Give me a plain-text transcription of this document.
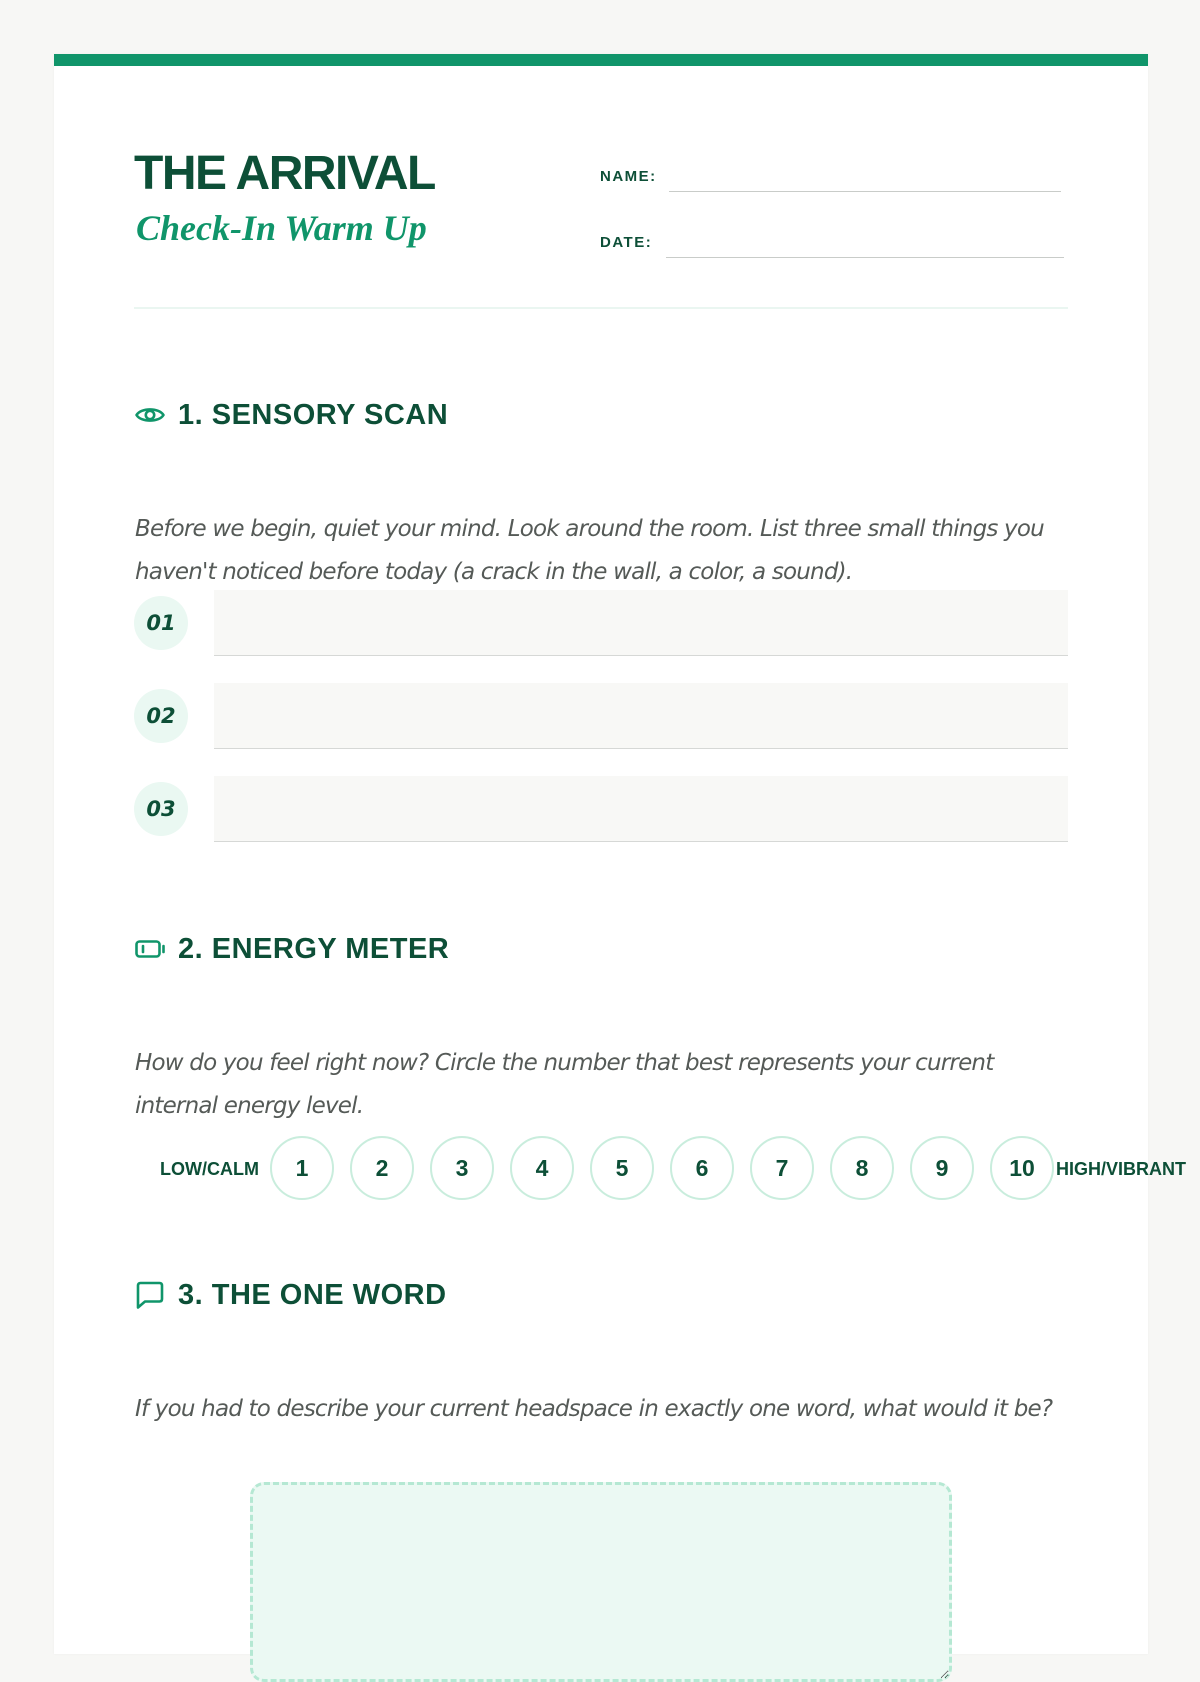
THE ARRIVAL
Check-In Warm Up
NAME:
DATE:
1. SENSORY SCAN

Before we begin, quiet your mind. Look around the room. List three small things you haven't noticed before today (a crack in the wall, a color, a sound).

01
02
03
2. ENERGY METER

How do you feel right now? Circle the number that best represents your current internal energy level.

LOW/CALM	1	2	3	4	5	6	7	8	9	10	HIGH/VIBRANT
3. THE ONE WORD

If you had to describe your current headspace in exactly one word, what would it be?
